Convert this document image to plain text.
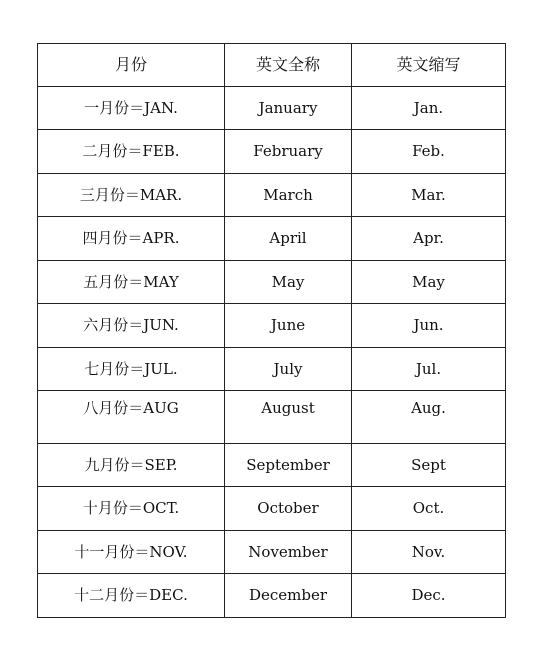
月份	英文全称	英文缩写
一月份＝JAN.	January	Jan.
二月份＝FEB.	February	Feb.
三月份＝MAR.	March	Mar.
四月份＝APR.	April	Apr.
五月份＝MAY	May	May
六月份＝JUN.	June	Jun.
七月份＝JUL.	July	Jul.
八月份＝AUG	August	Aug.
九月份＝SEP.	September	Sept
十月份＝OCT.	October	Oct.
十一月份＝NOV.	November	Nov.
十二月份＝DEC.	December	Dec.
